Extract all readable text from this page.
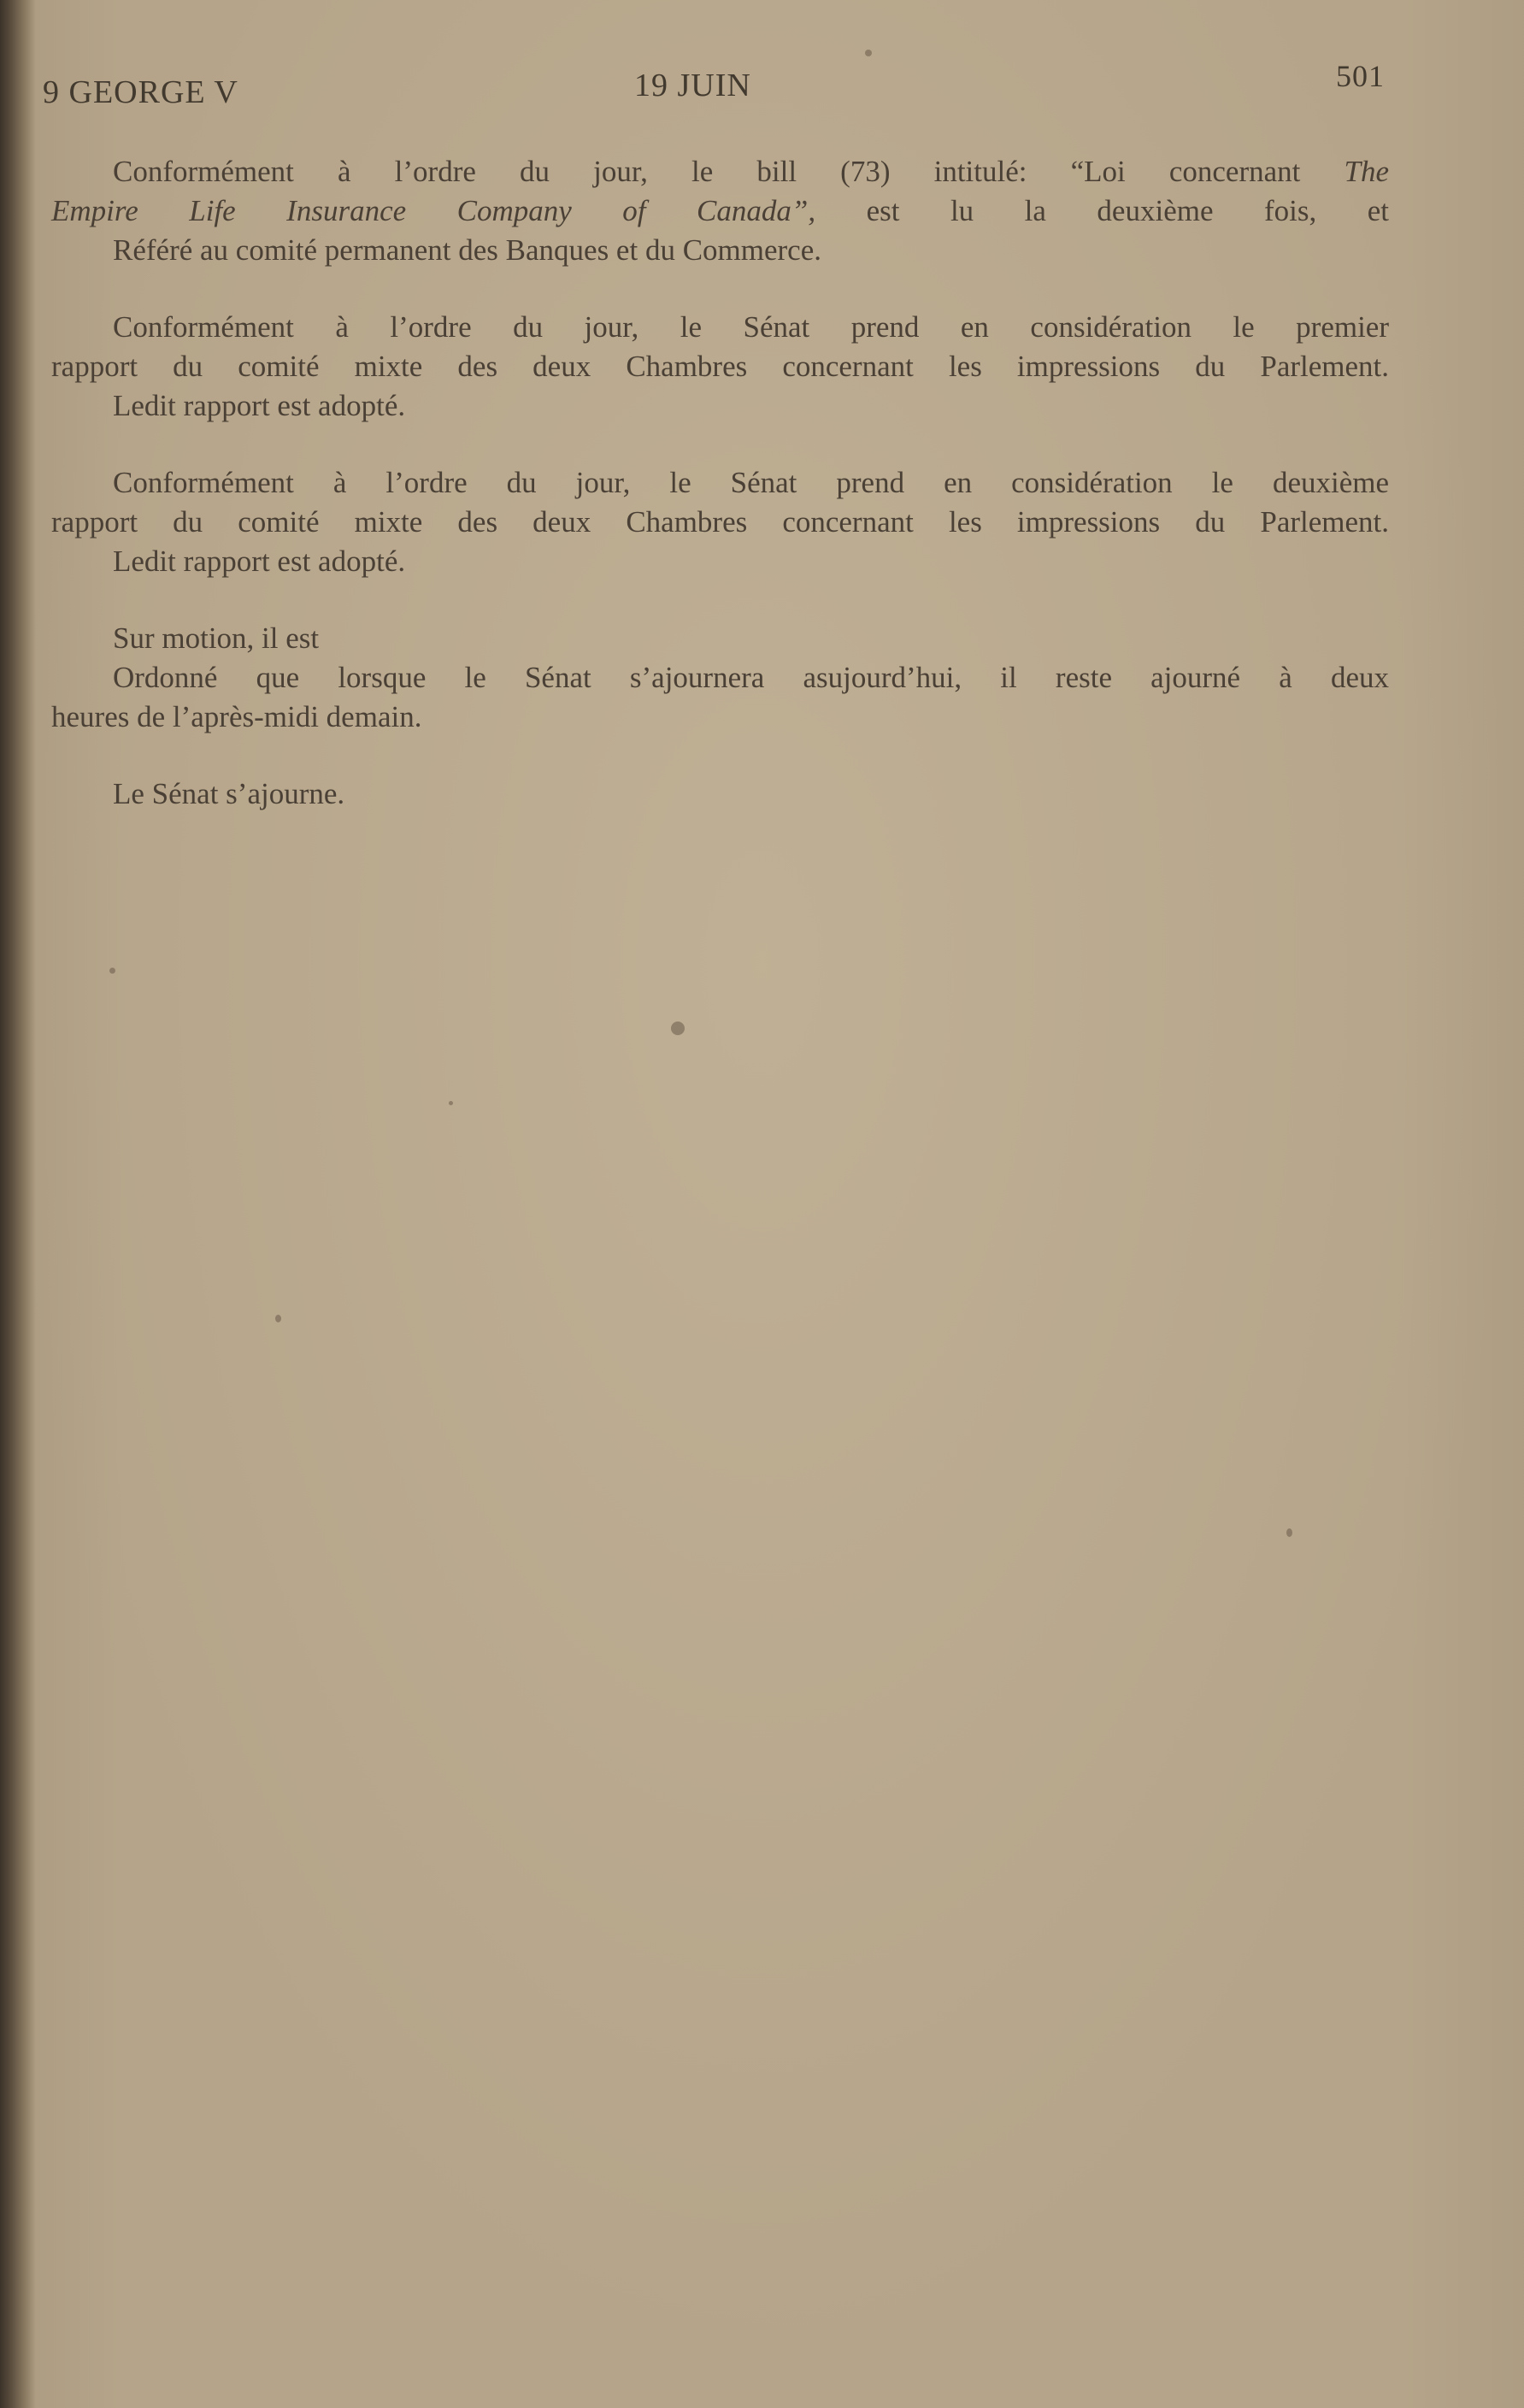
9 GEORGE V	19 JUIN	501
Conformément à l’ordre du jour, le bill (73) intitulé: “Loi concernant The
Empire Life Insurance Company of Canada”, est lu la deuxième fois, et
Référé au comité permanent des Banques et du Commerce.
Conformément à l’ordre du jour, le Sénat prend en considération le premier
rapport du comité mixte des deux Chambres concernant les impressions du Parlement.
Ledit rapport est adopté.
Conformément à l’ordre du jour, le Sénat prend en considération le deuxième
rapport du comité mixte des deux Chambres concernant les impressions du Parlement.
Ledit rapport est adopté.
Sur motion, il est
Ordonné que lorsque le Sénat s’ajournera asujourd’hui, il reste ajourné à deux
heures de l’après-midi demain.
Le Sénat s’ajourne.
